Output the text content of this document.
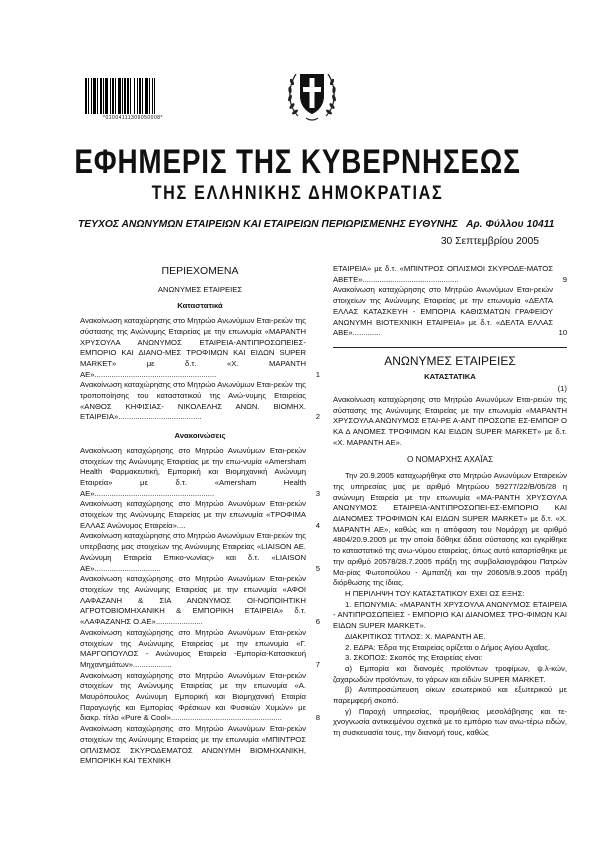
*01004111309050008*
ΕΦΗΜΕΡΙΣ ΤΗΣ ΚΥΒΕΡΝΗΣΕΩΣ
ΤΗΣ ΕΛΛΗΝΙΚΗΣ ΔΗΜΟΚΡΑΤΙΑΣ
ΤΕΥΧΟΣ ΑΝΩΝΥΜΩΝ ΕΤΑΙΡΕΙΩΝ ΚΑΙ ΕΤΑΙΡΕΙΩΝ ΠΕΡΙΩΡΙΣΜΕΝΗΣ ΕΥΘΥΝΗΣ Αρ. Φύλλου 10411
30 Σεπτεμβρίου 2005
ΠΕΡΙΕΧΟΜΕΝΑ
ΑΝΩΝΥΜΕΣ ΕΤΑΙΡΕΙΕΣ
Καταστατικά
Ανακοίνωση καταχώρησης στο Μητρώο Ανωνύμων Εται-ρειών της σύστασης της Ανώνυμης Εταιρείας με την επωνυμία «ΜΑΡΑΝΤΗ ΧΡΥΣΟΥΛΑ ΑΝΩΝΥΜΟΣ ΕΤΑΙΡΕΙΑ-ΑΝΤΙΠΡΟΣΩΠΕΙΕΣ-ΕΜΠΟΡΙΟ ΚΑΙ ΔΙΑΝΟ-ΜΕΣ ΤΡΟΦΙΜΩΝ ΚΑΙ ΕΙΔΩΝ SUPER MARKET» με δ.τ. «Χ. ΜΑΡΑΝΤΗ ΑΕ».........................................................	1
Ανακοίνωση καταχώρησης στο Μητρώο Ανωνύμων Εται-ρειών της τροποποίησης του καταστατικού της Ανώ-νυμης Εταιρείας «ΑΝΘΟΣ ΚΗΦΙΣΙΑΣ- ΝΙΚΟΛΕΛΗΣ ΑΝΩΝ. ΒΙΟΜΗΧ. ΕΤΑΙΡΕΙΑ».......................................	2
Ανακοινώσεις
Ανακοίνωση καταχώρησης στο Μητρώο Ανωνύμων Εται-ρειών στοιχείων της Ανώνυμης Εταιρείας με την επω-νυμία «Amersham Health Φαρμακευτική, Εμπορική και Βιομηχανική Ανώνυμη Εταιρεία» με δ.τ. «Amersham Health AE»........................................................	3
Ανακοίνωση καταχώρησης στο Μητρώο Ανωνύμων Εται-ρειών στοιχείων της Ανώνυμης Εταιρείας με την επωνυμία «ΤΡΟΦΙΜΑ ΕΛΛΑΣ Ανώνυμος Εταιρεία»....	4
Ανακοίνωση καταχώρησης στο Μητρώο Ανωνύμων Εται-ρειών της υπερβασης μας στοιχείων της Ανώνυμης Εταιρείας «LIAISON AE. Ανώνυμη Εταιρεία Επικο-νωνίας» και δ.τ. «LIAISON AE»...............................	5
Ανακοίνωση καταχώρησης στο Μητρώο Ανωνύμων Εται-ρειών στοιχείων της Ανώνυμης Εταιρείας με την επωνυμία «ΑΦΟΙ ΛΑΦΑΖΑΝΗ & ΣΙΑ ΑΝΩΝΥΜΟΣ ΟΙ-ΝΟΠΟΙΗΤΙΚΗ ΑΓΡΟΤΟΒΙΟΜΗΧΑΝΙΚΗ & ΕΜΠΟΡΙΚΗ ΕΤΑΙΡΕΙΑ» δ.τ. «ΛΑΦΑΖΑΝΗΣ Ο.ΑΕ»......................	6
Ανακοίνωση καταχώρησης στο Μητρώο Ανωνύμων Εται-ρειών στοιχείων της Ανώνυμης Εταιρείας με την επωνυμία «Γ. ΜΑΡΓΟΠΟΥΛΟΣ - Ανώνυμος Εταιρεία -Εμπορία-Κατασκευή Μηχανημάτων»..................	7
Ανακοίνωση καταχώρησης στο Μητρώο Ανωνύμων Εται-ρειών στοιχείων της Ανώνυμης Εταιρείας με την επωνυμία «Α. Μαυρόπουλος Ανώνυμη Εμπορική και Βιομηχανική Εταιρία Παραγωγής και Εμπορίας Φρέσκων και Φυσικών Χυμών» με διακρ. τίτλο «Pure & Cool»....................................................	8
Ανακοίνωση καταχώρησης στο Μητρώο Ανωνύμων Εται-ρειών στοιχείων της Ανώνυμης Εταιρείας με την επωνυμία «ΜΠΙΝΤΡΟΣ ΟΠΛΙΣΜΟΣ ΣΚΥΡΟΔΕΜΑΤΟΣ ΑΝΩΝΥΜΗ ΒΙΟΜΗΧΑΝΙΚΗ, ΕΜΠΟΡΙΚΗ ΚΑΙ ΤΕΧΝΙΚΗ
ΕΤΑΙΡΕΙΑ» με δ.τ. «ΜΠΙΝΤΡΟΣ ΟΠΛΙΣΜΟΙ ΣΚΥΡΟΔΕ-ΜΑΤΟΣ ΑΒΕΤΕ».............................................	9
Ανακοίνωση καταχώρησης στο Μητρώο Ανωνύμων Εται-ρειών στοιχείων της Ανώνυμης Εταιρείας με την επωνυμία «ΔΕΛΤΑ ΕΛΛΑΣ ΚΑΤΑΣΚΕΥΗ - ΕΜΠΟΡΙΑ ΚΑΘΙΣΜΑΤΩΝ ΓΡΑΦΕΙΟΥ ΑΝΩΝΥΜΗ ΒΙΟΤΕΧΝΙΚΗ ΕΤΑΙΡΕΙΑ» με δ.τ. «ΔΕΛΤΑ ΕΛΛΑΣ ΑΒΕ».............	10
ΑΝΩΝΥΜΕΣ ΕΤΑΙΡΕΙΕΣ
ΚΑΤΑΣΤΑΤΙΚΑ
(1)
Ανακοίνωση καταχώρησης στο Μητρώο Ανωνύμων Εται-ρειών της σύστασης της Ανώνυμης Εταιρείας με την επωνυμία «ΜΑΡΑΝΤΗ ΧΡΥΣΟΥΛΑ ΑΝΩΝΥΜΟΣ ΕΤΑΙ-ΡΕ Α-ΑΝΤ ΠΡΟΣΩΠΕ ΕΣ-ΕΜΠΟΡ Ο ΚΑ Δ ΑΝΟΜΕΣ ΤΡΟΦΙΜΩΝ ΚΑΙ ΕΙΔΩΝ SUPER MARKET» με δ.τ. «Χ. ΜΑΡΑΝΤΗ ΑΕ».
Ο ΝΟΜΑΡΧΗΣ ΑΧΑΪΑΣ
Την 20.9.2005 καταχωρήθηκε στο Μητρώο Ανωνύμων Εταιρειών της υπηρεσίας μας με αριθμό Μητρώου 59277/22/Β/05/28 η ανώνυμη Εταιρεία με την επωνυμία «ΜΑ-ΡΑΝΤΗ ΧΡΥΣΟΥΛΑ ΑΝΩΝΥΜΟΣ ΕΤΑΙΡΕΙΑ-ΑΝΤΙΠΡΟΣΩΠΕΙ-ΕΣ-ΕΜΠΟΡΙΟ ΚΑΙ ΔΙΑΝΟΜΕΣ ΤΡΟΦΙΜΩΝ ΚΑΙ ΕΙΔΩΝ SUPER MARKET» με δ.τ. «Χ. ΜΑΡΑΝΤΗ ΑΕ», καθώς και η απόφαση του Νομάρχη με αριθμό 4804/20.9.2005 με την οποία δόθηκε άδεια σύστασης και εγκρίθηκε το καταστατικό της ανω-νύμου εταιρείας, όπως αυτό καταρτίσθηκε με την αριθμό 20578/28.7.2005 πράξη της συμβολαιογράφου Πατρών Μα-ρίας Φωτοπούλου - Αμπατζή και την 20605/8.9.2005 πράξη διόρθωσης της ίδιας.
Η ΠΕΡΙΛΗΨΗ ΤΟΥ ΚΑΤΑΣΤΑΤΙΚΟΥ ΕΧΕΙ ΩΣ ΕΞΗΣ:
1. ΕΠΩΝΥΜΙΑ: «ΜΑΡΑΝΤΗ ΧΡΥΣΟΥΛΑ ΑΝΩΝΥΜΟΣ ΕΤΑΙΡΕΙΑ - ΑΝΤΙΠΡΟΣΩΠΕΙΕΣ - ΕΜΠΟΡΙΟ ΚΑΙ ΔΙΑΝΟΜΕΣ ΤΡΟ-ΦΙΜΩΝ ΚΑΙ ΕΙΔΩΝ SUPER MARKET».
ΔΙΑΚΡΙΤΙΚΟΣ ΤΙΤΛΟΣ: Χ. ΜΑΡΑΝΤΗ ΑΕ.
2. ΕΔΡΑ: Έδρα της Εταιρείας ορίζεται ο Δήμος Αγίου Αχαΐας.
3. ΣΚΟΠΟΣ: Σκοπός της Εταιρείας είναι:
α) Εμπορία και διανομές προϊόντων τροφίμων, ψ.λ-κών, ζαχαρωδών προϊόντων, το γάρων και ειδών SUPER MARKET.
β) Αντιπροσώπευση οίκων εσωτερικού και εξωτερικού με παρεμφερή σκοπό.
γ) Παροχή υπηρεσίας, προμήθειας μεσολάβησης και τε-χνογνωσία αντικειμένου σχετικά με το εμπόριο των ανω-τέρω ειδών, τη συσκευασία τους, την διανομή τους, καθώς
